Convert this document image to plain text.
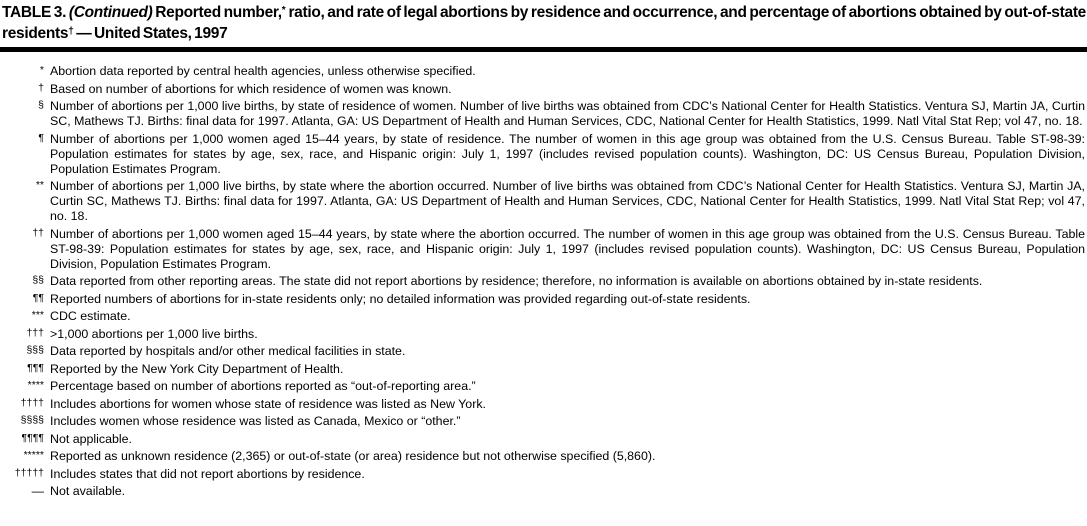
TABLE 3. (Continued) Reported number,* ratio, and rate of legal abortions by residence and occurrence, and percentage of abortions obtained by out-of-state residents† — United States, 1997
* Abortion data reported by central health agencies, unless otherwise specified.
† Based on number of abortions for which residence of women was known.
§ Number of abortions per 1,000 live births, by state of residence of women. Number of live births was obtained from CDC’s National Center for Health Statistics. Ventura SJ, Martin JA, Curtin SC, Mathews TJ. Births: final data for 1997. Atlanta, GA: US Department of Health and Human Services, CDC, National Center for Health Statistics, 1999. Natl Vital Stat Rep; vol 47, no. 18.
¶ Number of abortions per 1,000 women aged 15–44 years, by state of residence. The number of women in this age group was obtained from the U.S. Census Bureau. Table ST-98-39: Population estimates for states by age, sex, race, and Hispanic origin: July 1, 1997 (includes revised population counts). Washington, DC: US Census Bureau, Population Division, Population Estimates Program.
** Number of abortions per 1,000 live births, by state where the abortion occurred. Number of live births was obtained from CDC’s National Center for Health Statistics. Ventura SJ, Martin JA, Curtin SC, Mathews TJ. Births: final data for 1997. Atlanta, GA: US Department of Health and Human Services, CDC, National Center for Health Statistics, 1999. Natl Vital Stat Rep; vol 47, no. 18.
†† Number of abortions per 1,000 women aged 15–44 years, by state where the abortion occurred. The number of women in this age group was obtained from the U.S. Census Bureau. Table ST-98-39: Population estimates for states by age, sex, race, and Hispanic origin: July 1, 1997 (includes revised population counts). Washington, DC: US Census Bureau, Population Division, Population Estimates Program.
§§ Data reported from other reporting areas. The state did not report abortions by residence; therefore, no information is available on abortions obtained by in-state residents.
¶¶ Reported numbers of abortions for in-state residents only; no detailed information was provided regarding out-of-state residents.
*** CDC estimate.
††† >1,000 abortions per 1,000 live births.
§§§ Data reported by hospitals and/or other medical facilities in state.
¶¶¶ Reported by the New York City Department of Health.
**** Percentage based on number of abortions reported as “out-of-reporting area.”
†††† Includes abortions for women whose state of residence was listed as New York.
§§§§ Includes women whose residence was listed as Canada, Mexico or “other.”
¶¶¶¶ Not applicable.
***** Reported as unknown residence (2,365) or out-of-state (or area) residence but not otherwise specified (5,860).
††††† Includes states that did not report abortions by residence.
— Not available.
